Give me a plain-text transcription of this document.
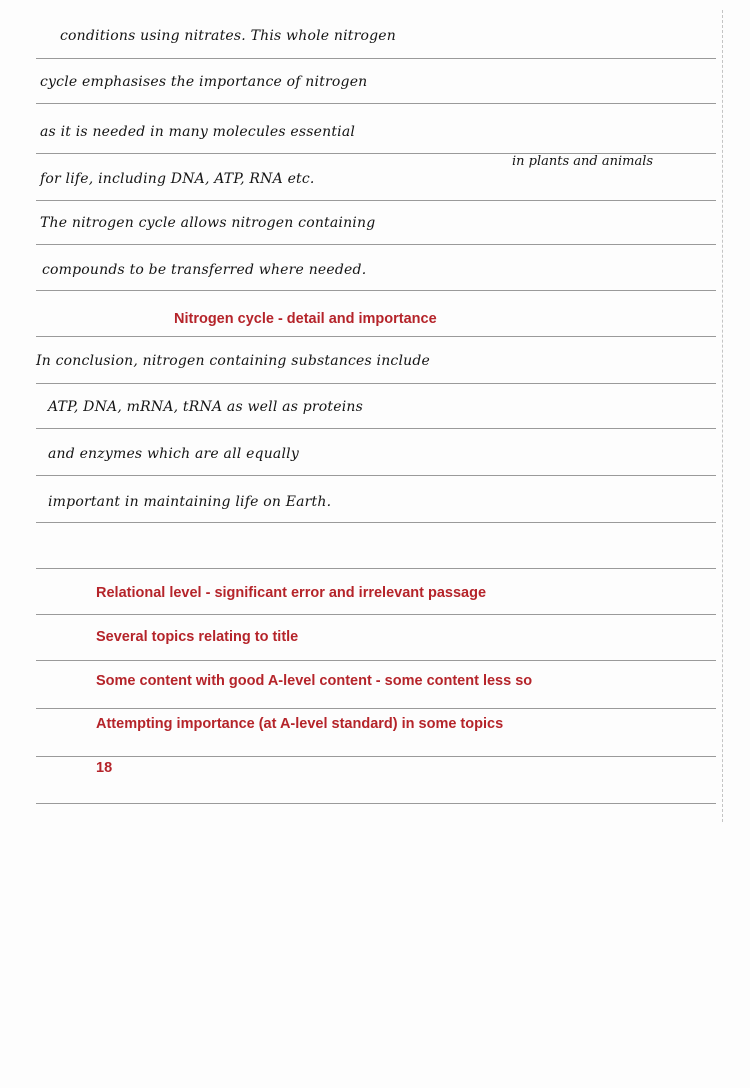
conditions using nitrates. This whole nitrogen
cycle emphasises the importance of nitrogen
as it is needed in many molecules essential
in plants and animals
for life, including DNA, ATP, RNA etc.
The nitrogen cycle allows nitrogen containing
compounds to be transferred where needed.
Nitrogen cycle - detail and importance
In conclusion, nitrogen containing substances include
ATP, DNA, mRNA, tRNA as well as proteins
and enzymes which are all equally
important in maintaining life on Earth.
Relational level - significant error and irrelevant passage
Several topics relating to title
Some content with good A-level content - some content less so
Attempting importance (at A-level standard) in some topics
18
